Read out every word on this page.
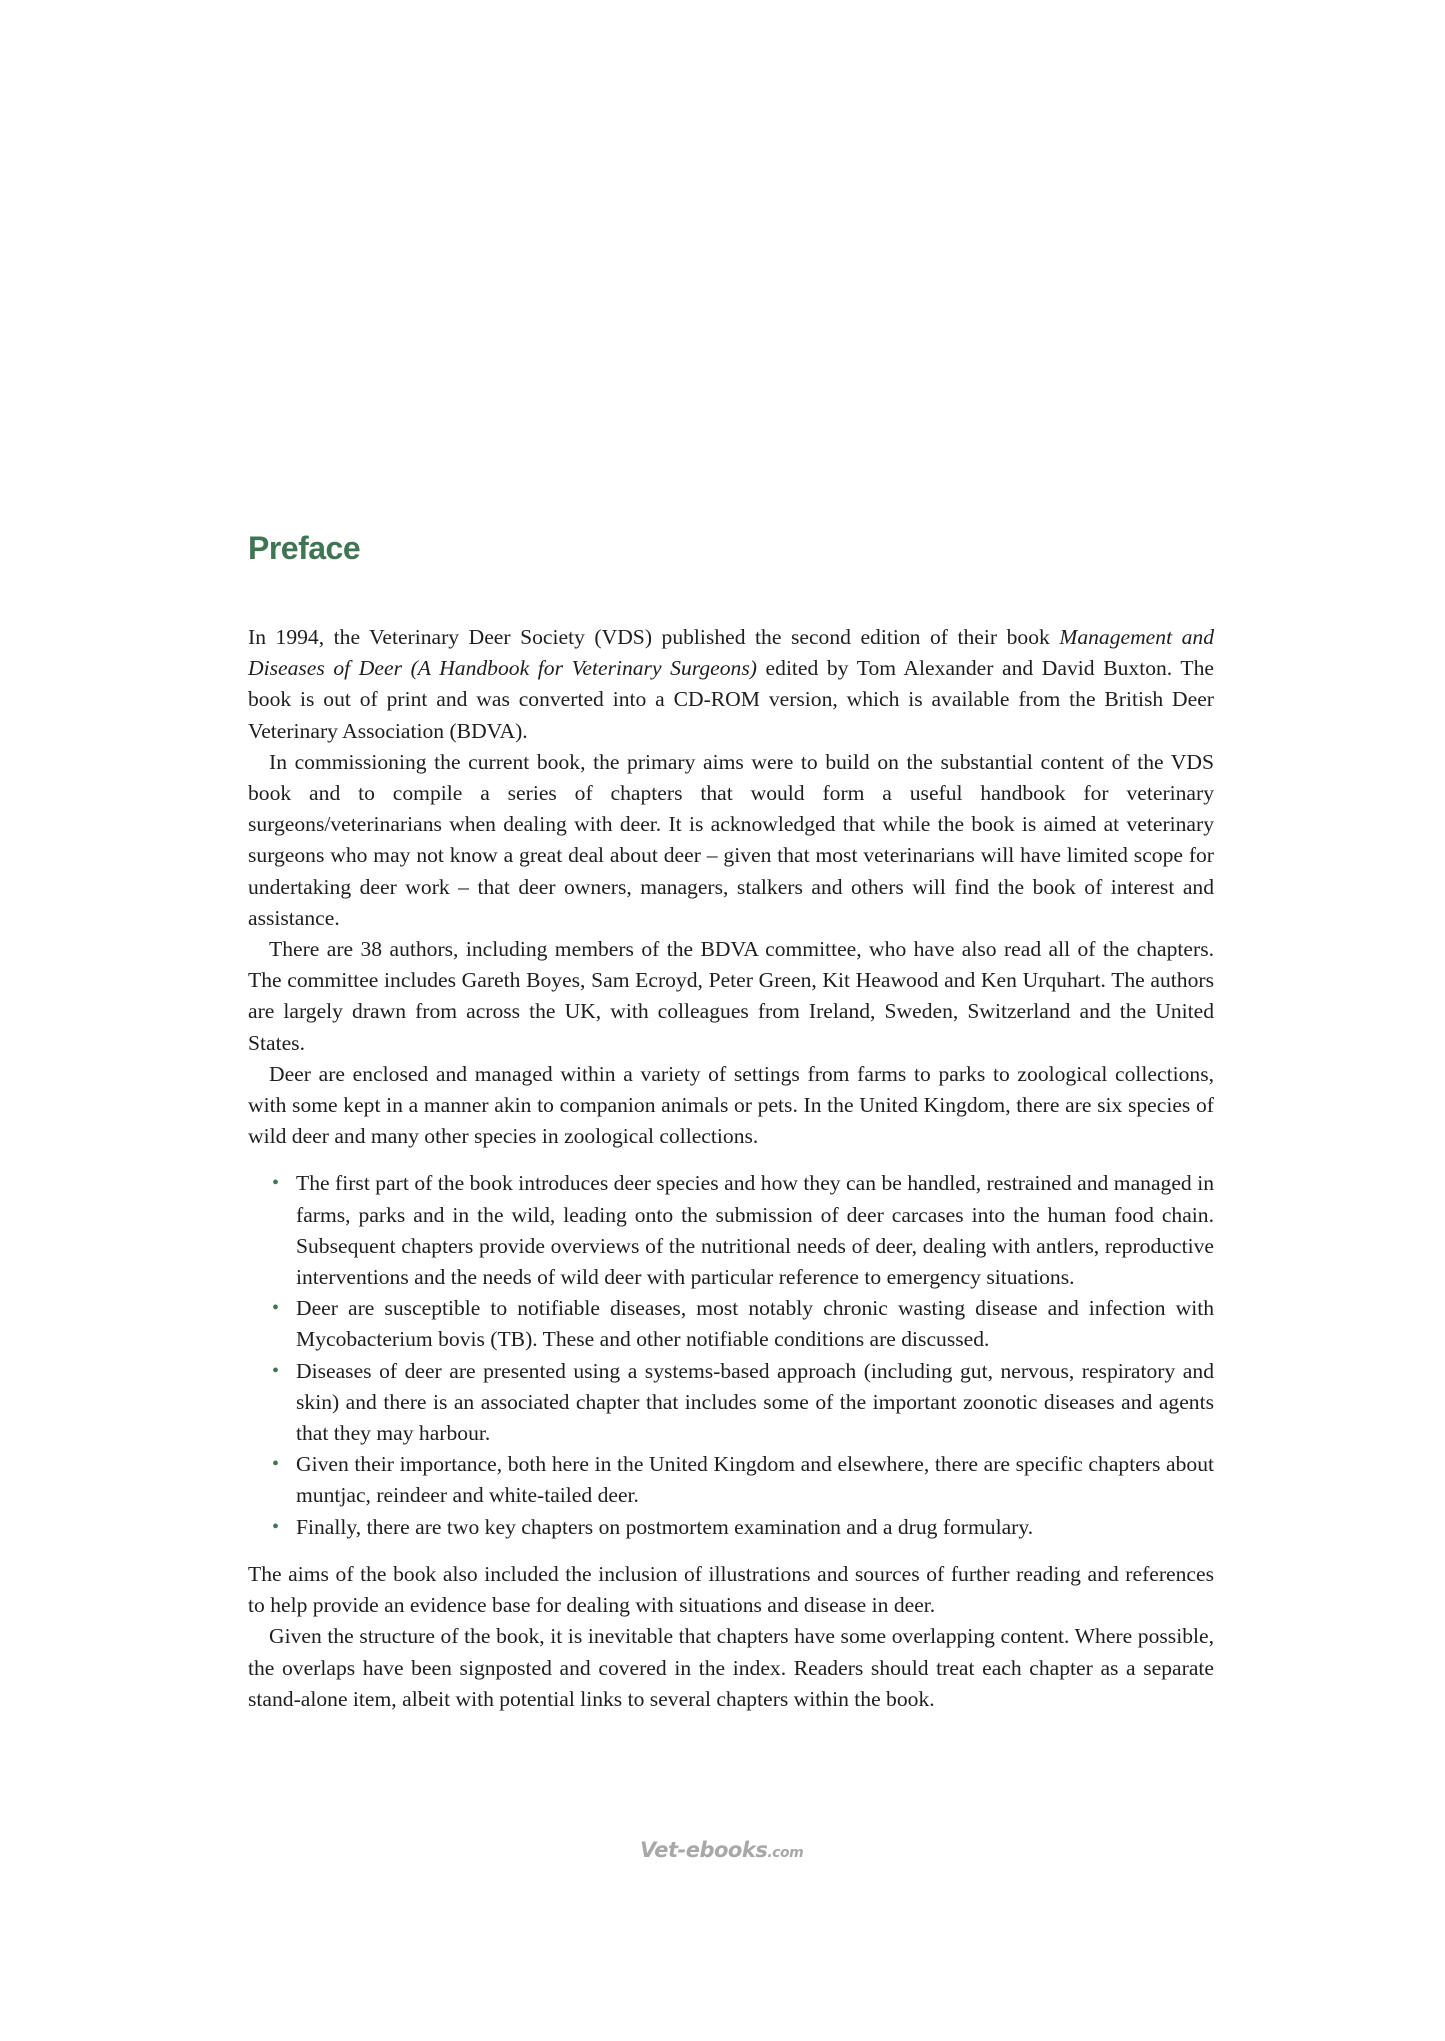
Preface

In 1994, the Veterinary Deer Society (VDS) published the second edition of their book Management and Diseases of Deer (A Handbook for Veterinary Surgeons) edited by Tom Alexander and David Buxton. The book is out of print and was converted into a CD-ROM version, which is available from the British Deer Veterinary Association (BDVA).

In commissioning the current book, the primary aims were to build on the substantial content of the VDS book and to compile a series of chapters that would form a useful handbook for veterinary surgeons/veterinarians when dealing with deer. It is acknowledged that while the book is aimed at veterinary surgeons who may not know a great deal about deer – given that most veterinarians will have limited scope for undertaking deer work – that deer owners, managers, stalkers and others will find the book of interest and assistance.

There are 38 authors, including members of the BDVA committee, who have also read all of the chapters. The committee includes Gareth Boyes, Sam Ecroyd, Peter Green, Kit Heawood and Ken Urquhart. The authors are largely drawn from across the UK, with colleagues from Ireland, Sweden, Switzerland and the United States.

Deer are enclosed and managed within a variety of settings from farms to parks to zoological collections, with some kept in a manner akin to companion animals or pets. In the United Kingdom, there are six species of wild deer and many other species in zoological collections.

• The first part of the book introduces deer species and how they can be handled, restrained and managed in farms, parks and in the wild, leading onto the submission of deer carcases into the human food chain. Subsequent chapters provide overviews of the nutritional needs of deer, dealing with antlers, reproductive interventions and the needs of wild deer with particular reference to emergency situations.
• Deer are susceptible to notifiable diseases, most notably chronic wasting disease and infection with Mycobacterium bovis (TB). These and other notifiable conditions are discussed.
• Diseases of deer are presented using a systems-based approach (including gut, nervous, respiratory and skin) and there is an associated chapter that includes some of the important zoonotic diseases and agents that they may harbour.
• Given their importance, both here in the United Kingdom and elsewhere, there are specific chapters about muntjac, reindeer and white-tailed deer.
• Finally, there are two key chapters on postmortem examination and a drug formulary.

The aims of the book also included the inclusion of illustrations and sources of further reading and references to help provide an evidence base for dealing with situations and disease in deer.

Given the structure of the book, it is inevitable that chapters have some overlapping content. Where possible, the overlaps have been signposted and covered in the index. Readers should treat each chapter as a separate stand-alone item, albeit with potential links to several chapters within the book.

Vet-ebooks.com
